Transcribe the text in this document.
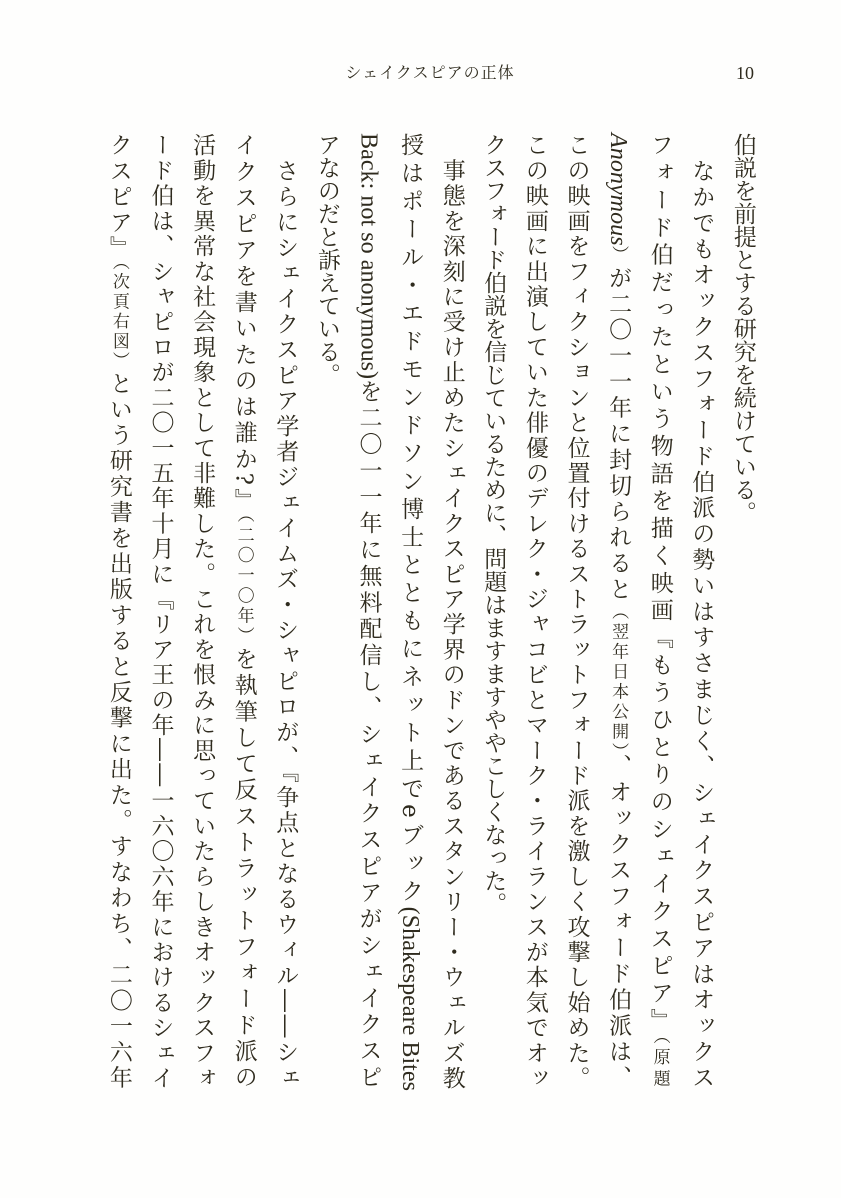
シェイクスピアの正体	10
伯説を前提とする研究を続けている。
　なかでもオックスフォード伯派の勢いはすさまじく、シェイクスピアはオックス
フォード伯だったという物語を描く映画『もうひとりのシェイクスピア』（原題
Anonymous）が二〇一一年に封切られると（翌年日本公開）、オックスフォード伯派は、
この映画をフィクションと位置付けるストラットフォード派を激しく攻撃し始めた。
この映画に出演していた俳優のデレク・ジャコビとマーク・ライランスが本気でオッ
クスフォード伯説を信じているために、問題はますますややこしくなった。
　事態を深刻に受け止めたシェイクスピア学界のドンであるスタンリー・ウェルズ教
授はポール・エドモンドソン博士とともにネット上でeブック(Shakespeare Bites
Back: not so anonymous)を二〇一一年に無料配信し、シェイクスピアがシェイクスピ
アなのだと訴えている。
　さらにシェイクスピア学者ジェイムズ・シャピロが、『争点となるウィル――シェ
イクスピアを書いたのは誰か?』（二〇一〇年）を執筆して反ストラットフォード派の
活動を異常な社会現象として非難した。これを恨みに思っていたらしきオックスフォ
ード伯は、シャピロが二〇一五年十月に『リア王の年――一六〇六年におけるシェイ
クスピア』（次頁右図）という研究書を出版すると反撃に出た。すなわち、二〇一六年
